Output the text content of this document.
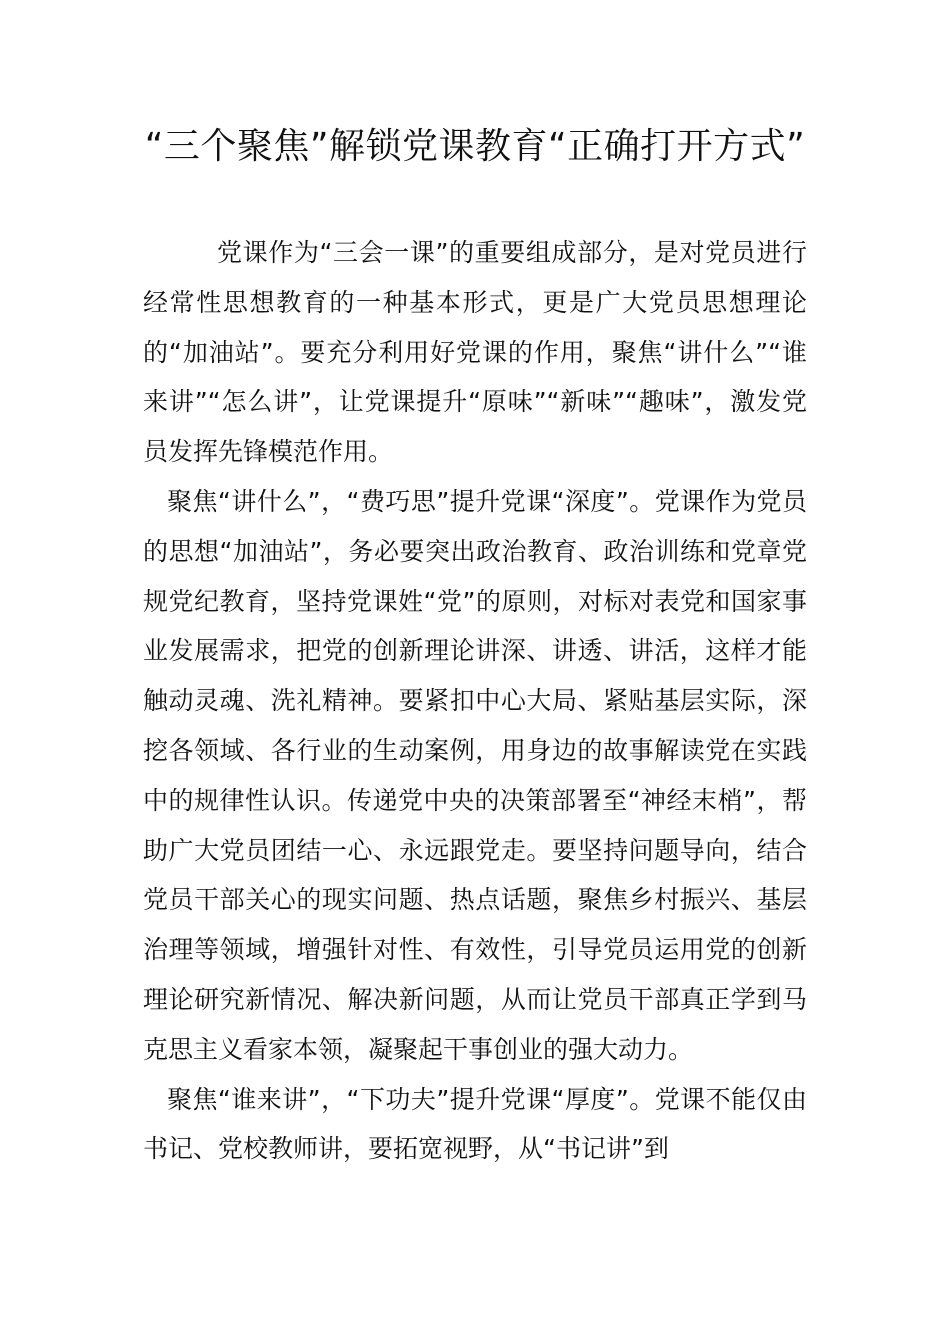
“三个聚焦”解锁党课教育“正确打开方式”

党课作为“三会一课”的重要组成部分，是对党员进行经常性思想教育的一种基本形式，更是广大党员思想理论的“加油站”。要充分利用好党课的作用，聚焦“讲什么”“谁来讲”“怎么讲”，让党课提升“原味”“新味”“趣味”，激发党员发挥先锋模范作用。

聚焦“讲什么”，“费巧思”提升党课“深度”。党课作为党员的思想“加油站”，务必要突出政治教育、政治训练和党章党规党纪教育，坚持党课姓“党”的原则，对标对表党和国家事业发展需求，把党的创新理论讲深、讲透、讲活，这样才能触动灵魂、洗礼精神。要紧扣中心大局、紧贴基层实际，深挖各领域、各行业的生动案例，用身边的故事解读党在实践中的规律性认识。传递党中央的决策部署至“神经末梢”，帮助广大党员团结一心、永远跟党走。要坚持问题导向，结合党员干部关心的现实问题、热点话题，聚焦乡村振兴、基层治理等领域，增强针对性、有效性，引导党员运用党的创新理论研究新情况、解决新问题，从而让党员干部真正学到马克思主义看家本领，凝聚起干事创业的强大动力。

聚焦“谁来讲”，“下功夫”提升党课“厚度”。党课不能仅由书记、党校教师讲，要拓宽视野，从“书记讲”到
